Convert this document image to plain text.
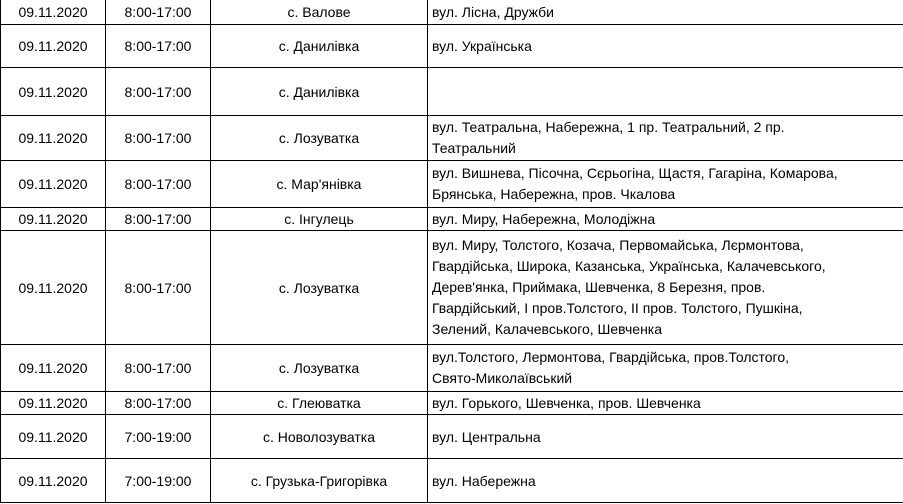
09.11.2020	8:00-17:00	с. Валове	вул. Лісна, Дружби
09.11.2020	8:00-17:00	с. Данилівка	вул. Українська
09.11.2020	8:00-17:00	с. Данилівка	
09.11.2020	8:00-17:00	с. Лозуватка	вул. Театральна, Набережна, 1 пр. Театральний, 2 пр.
Театральний
09.11.2020	8:00-17:00	с. Мар'янівка	вул. Вишнева, Пісочна, Сєрьогіна, Щастя, Гагаріна, Комарова,
Брянська, Набережна, пров. Чкалова
09.11.2020	8:00-17:00	с. Інгулець	вул. Миру, Набережна, Молодіжна
09.11.2020	8:00-17:00	с. Лозуватка	вул. Миру, Толстого, Козача, Первомайська, Лєрмонтова,
Гвардійська, Широка, Казанська, Українська, Калачевського,
Дерев'янка, Приймака, Шевченка, 8 Березня, пров.
Гвардійський, І пров.Толстого, ІІ пров. Толстого, Пушкіна,
Зелений, Калачевського, Шевченка
09.11.2020	8:00-17:00	с. Лозуватка	вул.Толстого, Лермонтова, Гвардійська, пров.Толстого,
Свято-Миколаївський
09.11.2020	8:00-17:00	с. Глеюватка	вул. Горького, Шевченка, пров. Шевченка
09.11.2020	7:00-19:00	с. Новолозуватка	вул. Центральна
09.11.2020	7:00-19:00	с. Грузька-Григорівка	вул. Набережна
